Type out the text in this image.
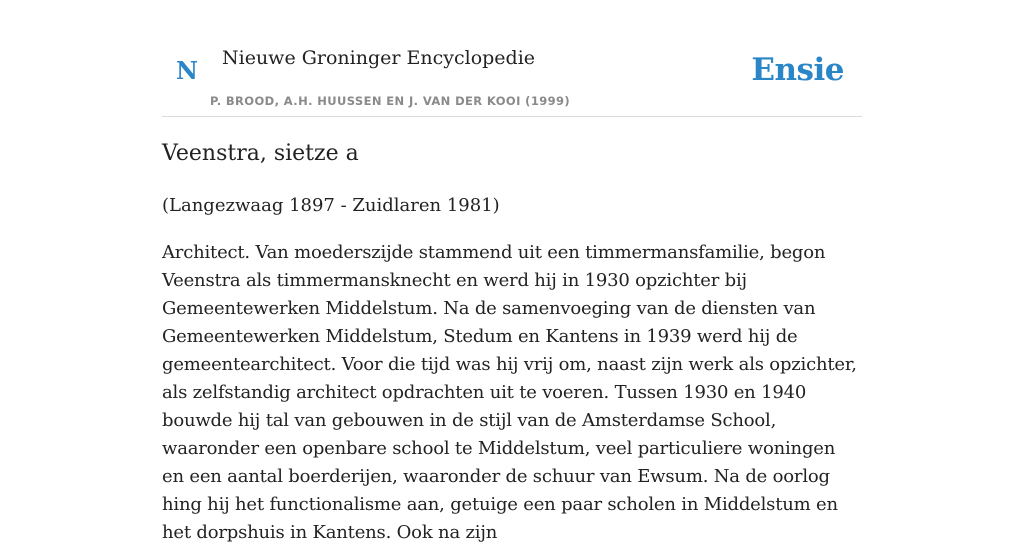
N Nieuwe Groninger Encyclopedie
P. BROOD, A.H. HUUSSEN EN J. VAN DER KOOI (1999)
Ensie
Veenstra, sietze a

(Langezwaag 1897 - Zuidlaren 1981)

Architect. Van moederszijde stammend uit een timmermansfamilie, begon Veenstra als timmermansknecht en werd hij in 1930 opzichter bij Gemeentewerken Middelstum. Na de samenvoeging van de diensten van Gemeentewerken Middelstum, Stedum en Kantens in 1939 werd hij de gemeentearchitect. Voor die tijd was hij vrij om, naast zijn werk als opzichter, als zelfstandig architect opdrachten uit te voeren. Tussen 1930 en 1940 bouwde hij tal van gebouwen in de stijl van de Amsterdamse School, waaronder een openbare school te Middelstum, veel particuliere woningen en een aantal boerderijen, waaronder de schuur van Ewsum. Na de oorlog hing hij het functionalisme aan, getuige een paar scholen in Middelstum en het dorpshuis in Kantens. Ook na zijn
